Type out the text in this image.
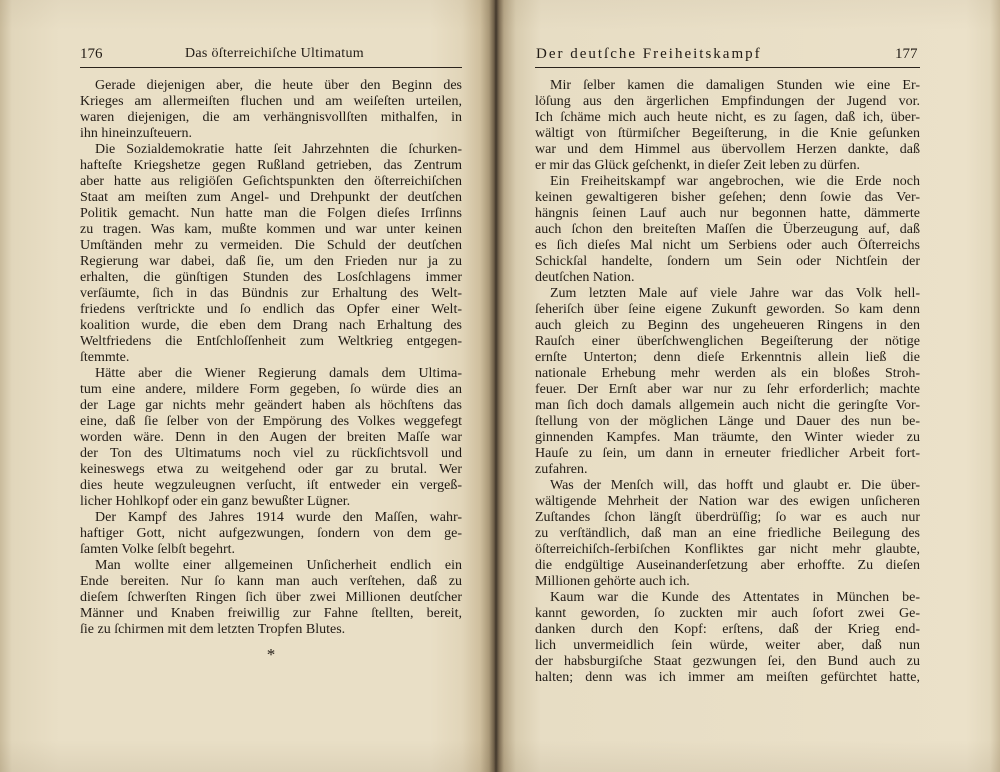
176	Das öſterreichiſche Ultimatum
Gerade diejenigen aber, die heute über den Beginn des
Krieges am allermeiſten fluchen und am weiſeſten urteilen,
waren diejenigen, die am verhängnisvollſten mithalfen, in
ihn hineinzuſteuern.
Die Sozialdemokratie hatte ſeit Jahrzehnten die ſchurken-
hafteſte Kriegshetze gegen Rußland getrieben, das Zentrum
aber hatte aus religiöſen Geſichtspunkten den öſterreichiſchen
Staat am meiſten zum Angel- und Drehpunkt der deutſchen
Politik gemacht. Nun hatte man die Folgen dieſes Irrſinns
zu tragen. Was kam, mußte kommen und war unter keinen
Umſtänden mehr zu vermeiden. Die Schuld der deutſchen
Regierung war dabei, daß ſie, um den Frieden nur ja zu
erhalten, die günſtigen Stunden des Losſchlagens immer
verſäumte, ſich in das Bündnis zur Erhaltung des Welt-
friedens verſtrickte und ſo endlich das Opfer einer Welt-
koalition wurde, die eben dem Drang nach Erhaltung des
Weltfriedens die Entſchloſſenheit zum Weltkrieg entgegen-
ſtemmte.
Hätte aber die Wiener Regierung damals dem Ultima-
tum eine andere, mildere Form gegeben, ſo würde dies an
der Lage gar nichts mehr geändert haben als höchſtens das
eine, daß ſie ſelber von der Empörung des Volkes weggefegt
worden wäre. Denn in den Augen der breiten Maſſe war
der Ton des Ultimatums noch viel zu rückſichtsvoll und
keineswegs etwa zu weitgehend oder gar zu brutal. Wer
dies heute wegzuleugnen verſucht, iſt entweder ein vergeß-
licher Hohlkopf oder ein ganz bewußter Lügner.
Der Kampf des Jahres 1914 wurde den Maſſen, wahr-
haftiger Gott, nicht aufgezwungen, ſondern von dem ge-
ſamten Volke ſelbſt begehrt.
Man wollte einer allgemeinen Unſicherheit endlich ein
Ende bereiten. Nur ſo kann man auch verſtehen, daß zu
dieſem ſchwerſten Ringen ſich über zwei Millionen deutſcher
Männer und Knaben freiwillig zur Fahne ſtellten, bereit,
ſie zu ſchirmen mit dem letzten Tropfen Blutes.
*
Der deutſche Freiheitskampf	177
Mir ſelber kamen die damaligen Stunden wie eine Er-
löſung aus den ärgerlichen Empfindungen der Jugend vor.
Ich ſchäme mich auch heute nicht, es zu ſagen, daß ich, über-
wältigt von ſtürmiſcher Begeiſterung, in die Knie geſunken
war und dem Himmel aus übervollem Herzen dankte, daß
er mir das Glück geſchenkt, in dieſer Zeit leben zu dürfen.
Ein Freiheitskampf war angebrochen, wie die Erde noch
keinen gewaltigeren bisher geſehen; denn ſowie das Ver-
hängnis ſeinen Lauf auch nur begonnen hatte, dämmerte
auch ſchon den breiteſten Maſſen die Überzeugung auf, daß
es ſich dieſes Mal nicht um Serbiens oder auch Öſterreichs
Schickſal handelte, ſondern um Sein oder Nichtſein der
deutſchen Nation.
Zum letzten Male auf viele Jahre war das Volk hell-
ſeheriſch über ſeine eigene Zukunft geworden. So kam denn
auch gleich zu Beginn des ungeheueren Ringens in den
Rauſch einer überſchwenglichen Begeiſterung der nötige
ernſte Unterton; denn dieſe Erkenntnis allein ließ die
nationale Erhebung mehr werden als ein bloßes Stroh-
feuer. Der Ernſt aber war nur zu ſehr erforderlich; machte
man ſich doch damals allgemein auch nicht die geringſte Vor-
ſtellung von der möglichen Länge und Dauer des nun be-
ginnenden Kampfes. Man träumte, den Winter wieder zu
Hauſe zu ſein, um dann in erneuter friedlicher Arbeit fort-
zufahren.
Was der Menſch will, das hofft und glaubt er. Die über-
wältigende Mehrheit der Nation war des ewigen unſicheren
Zuſtandes ſchon längſt überdrüſſig; ſo war es auch nur
zu verſtändlich, daß man an eine friedliche Beilegung des
öſterreichiſch-ſerbiſchen Konfliktes gar nicht mehr glaubte,
die endgültige Auseinanderſetzung aber erhoffte. Zu dieſen
Millionen gehörte auch ich.
Kaum war die Kunde des Attentates in München be-
kannt geworden, ſo zuckten mir auch ſofort zwei Ge-
danken durch den Kopf: erſtens, daß der Krieg end-
lich unvermeidlich ſein würde, weiter aber, daß nun
der habsburgiſche Staat gezwungen ſei, den Bund auch zu
halten; denn was ich immer am meiſten gefürchtet hatte,
